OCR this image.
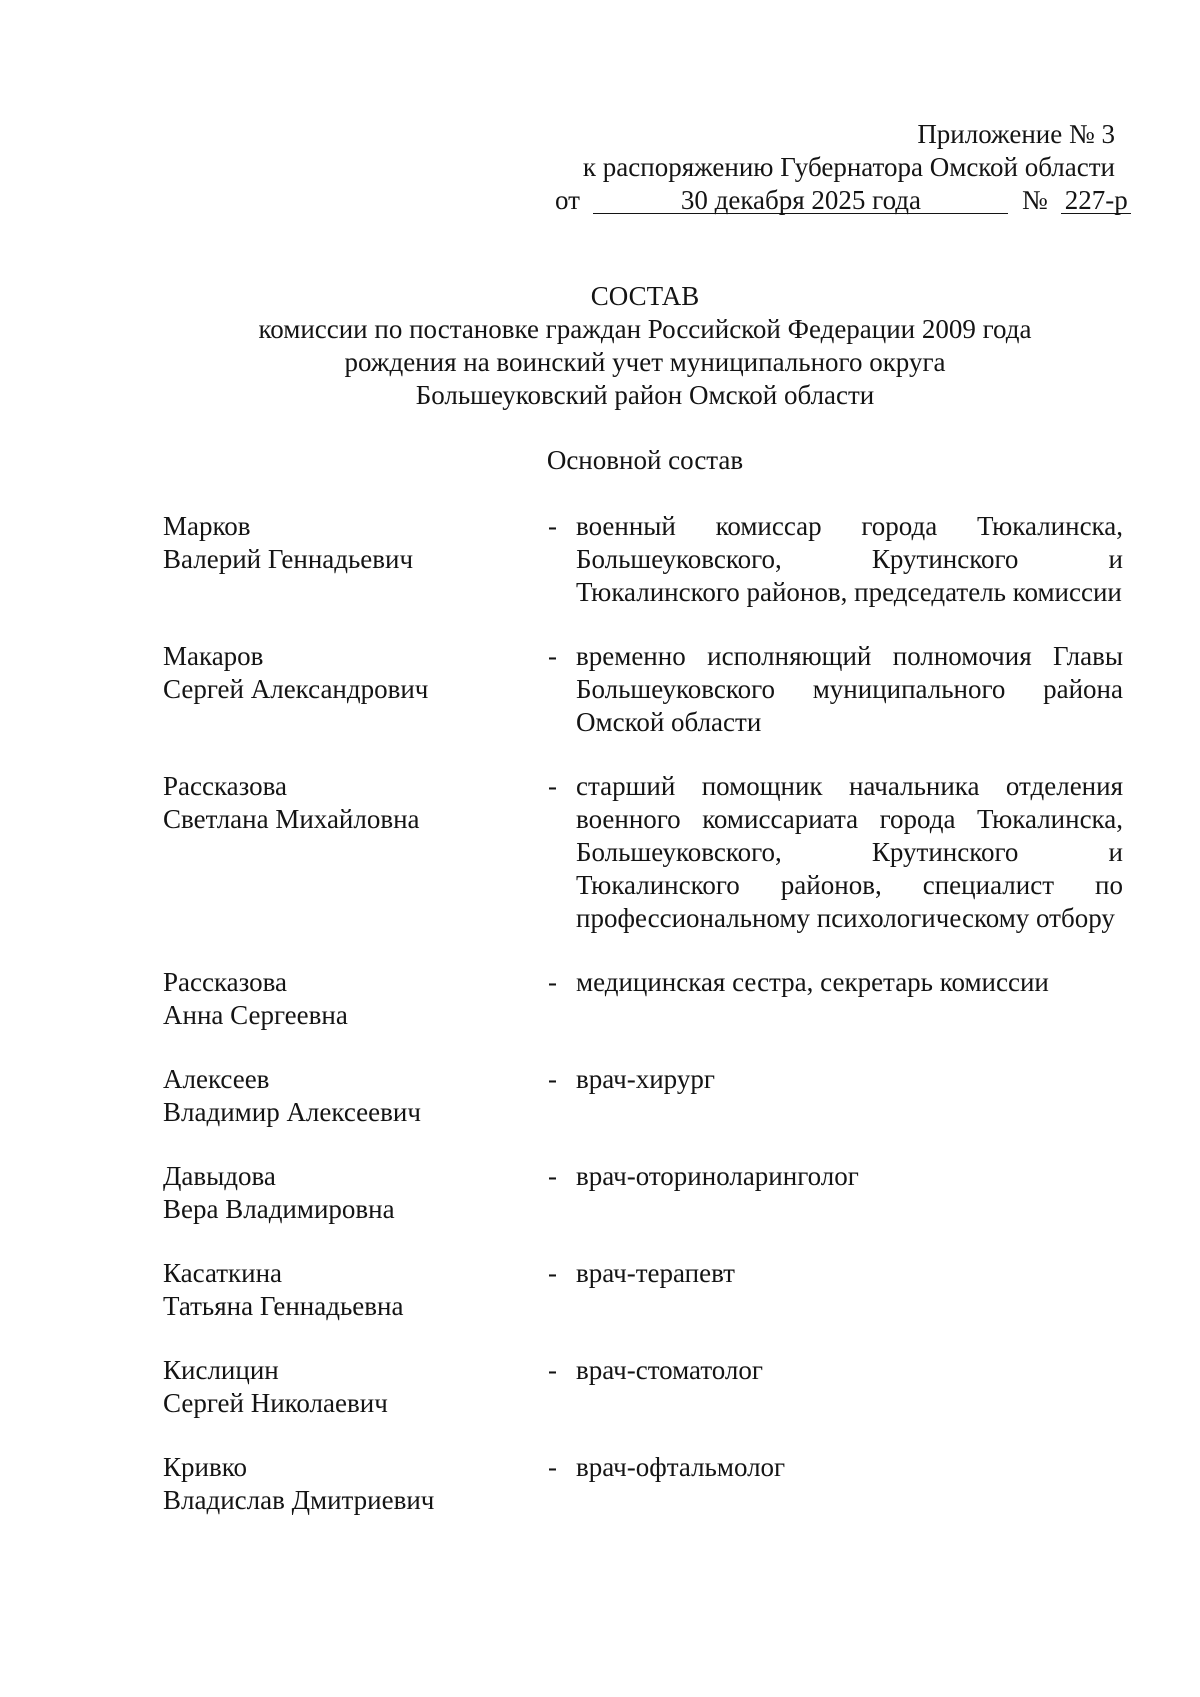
Приложение № 3
к распоряжению Губернатора Омской области
от	30 декабря 2025 года	№ 227-р
СОСТАВ
комиссии по постановке граждан Российской Федерации 2009 года
рождения на воинский учет муниципального округа
Большеуковский район Омской области
Основной состав
Марков
Валерий Геннадьевич
- военный комиссар города Тюкалинска, Большеуковского, Крутинского и Тюкалинского районов, председатель комиссии
Макаров
Сергей Александрович
- временно исполняющий полномочия Главы Большеуковского муниципального района Омской области
Рассказова
Светлана Михайловна
- старший помощник начальника отделения военного комиссариата города Тюкалинска, Большеуковского, Крутинского и Тюкалинского районов, специалист по профессиональному психологическому отбору
Рассказова
Анна Сергеевна
- медицинская сестра, секретарь комиссии
Алексеев
Владимир Алексеевич
- врач-хирург
Давыдова
Вера Владимировна
- врач-оториноларинголог
Касаткина
Татьяна Геннадьевна
- врач-терапевт
Кислицин
Сергей Николаевич
- врач-стоматолог
Кривко
Владислав Дмитриевич
- врач-офтальмолог
